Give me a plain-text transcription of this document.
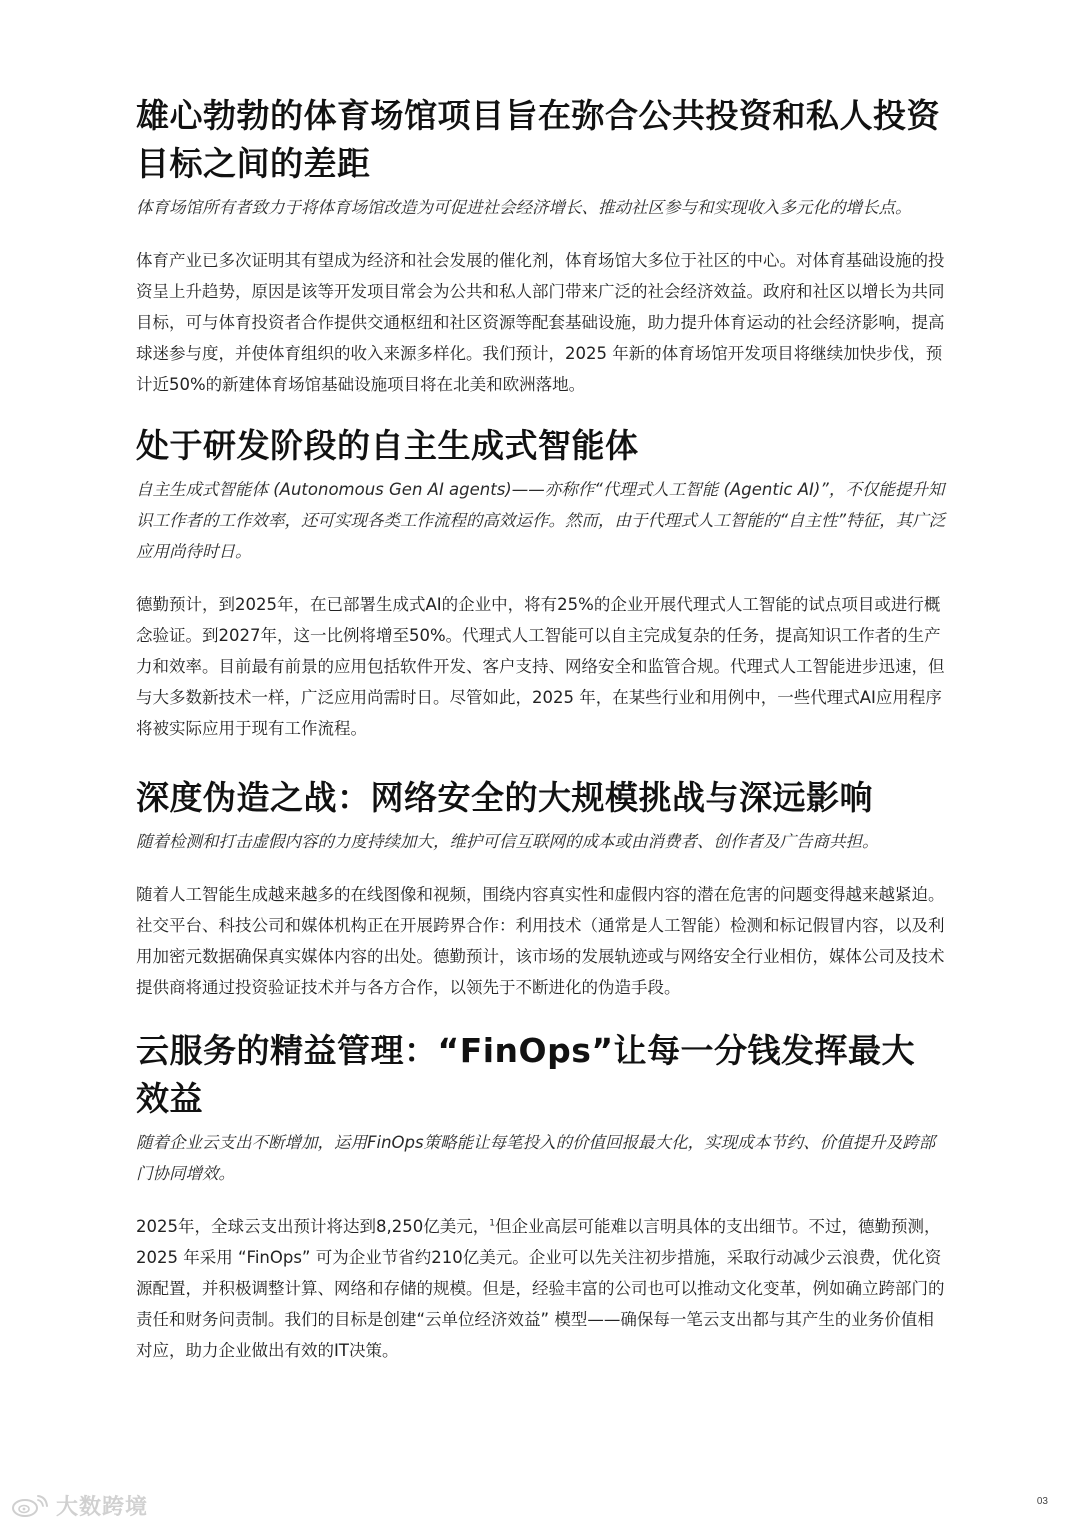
雄心勃勃的体育场馆项目旨在弥合公共投资和私人投资目标之间的差距

体育场馆所有者致力于将体育场馆改造为可促进社会经济增长、推动社区参与和实现收入多元化的增长点。

体育产业已多次证明其有望成为经济和社会发展的催化剂，体育场馆大多位于社区的中心。对体育基础设施的投资呈上升趋势，原因是该等开发项目常会为公共和私人部门带来广泛的社会经济效益。政府和社区以增长为共同目标，可与体育投资者合作提供交通枢纽和社区资源等配套基础设施，助力提升体育运动的社会经济影响，提高球迷参与度，并使体育组织的收入来源多样化。我们预计，2025 年新的体育场馆开发项目将继续加快步伐，预计近50%的新建体育场馆基础设施项目将在北美和欧洲落地。

处于研发阶段的自主生成式智能体

自主生成式智能体 (Autonomous Gen AI agents)——亦称作“代理式人工智能 (Agentic AI)”，不仅能提升知识工作者的工作效率，还可实现各类工作流程的高效运作。然而，由于代理式人工智能的“自主性”特征，其广泛应用尚待时日。

德勤预计，到2025年，在已部署生成式AI的企业中，将有25%的企业开展代理式人工智能的试点项目或进行概念验证。到2027年，这一比例将增至50%。代理式人工智能可以自主完成复杂的任务，提高知识工作者的生产力和效率。目前最有前景的应用包括软件开发、客户支持、网络安全和监管合规。代理式人工智能进步迅速，但与大多数新技术一样，广泛应用尚需时日。尽管如此，2025 年，在某些行业和用例中，一些代理式AI应用程序将被实际应用于现有工作流程。

深度伪造之战：网络安全的大规模挑战与深远影响

随着检测和打击虚假内容的力度持续加大，维护可信互联网的成本或由消费者、创作者及广告商共担。

随着人工智能生成越来越多的在线图像和视频，围绕内容真实性和虚假内容的潜在危害的问题变得越来越紧迫。社交平台、科技公司和媒体机构正在开展跨界合作：利用技术（通常是人工智能）检测和标记假冒内容，以及利用加密元数据确保真实媒体内容的出处。德勤预计，该市场的发展轨迹或与网络安全行业相仿，媒体公司及技术提供商将通过投资验证技术并与各方合作，以领先于不断进化的伪造手段。

云服务的精益管理：“FinOps”让每一分钱发挥最大效益

随着企业云支出不断增加，运用FinOps策略能让每笔投入的价值回报最大化，实现成本节约、价值提升及跨部门协同增效。

2025年，全球云支出预计将达到8,250亿美元，$^1$但企业高层可能难以言明具体的支出细节。不过，德勤预测，2025 年采用 “FinOps” 可为企业节省约210亿美元。企业可以先关注初步措施，采取行动减少云浪费，优化资源配置，并积极调整计算、网络和存储的规模。但是，经验丰富的公司也可以推动文化变革，例如确立跨部门的责任和财务问责制。我们的目标是创建“云单位经济效益” 模型——确保每一笔云支出都与其产生的业务价值相对应，助力企业做出有效的IT决策。

大数跨境	03
